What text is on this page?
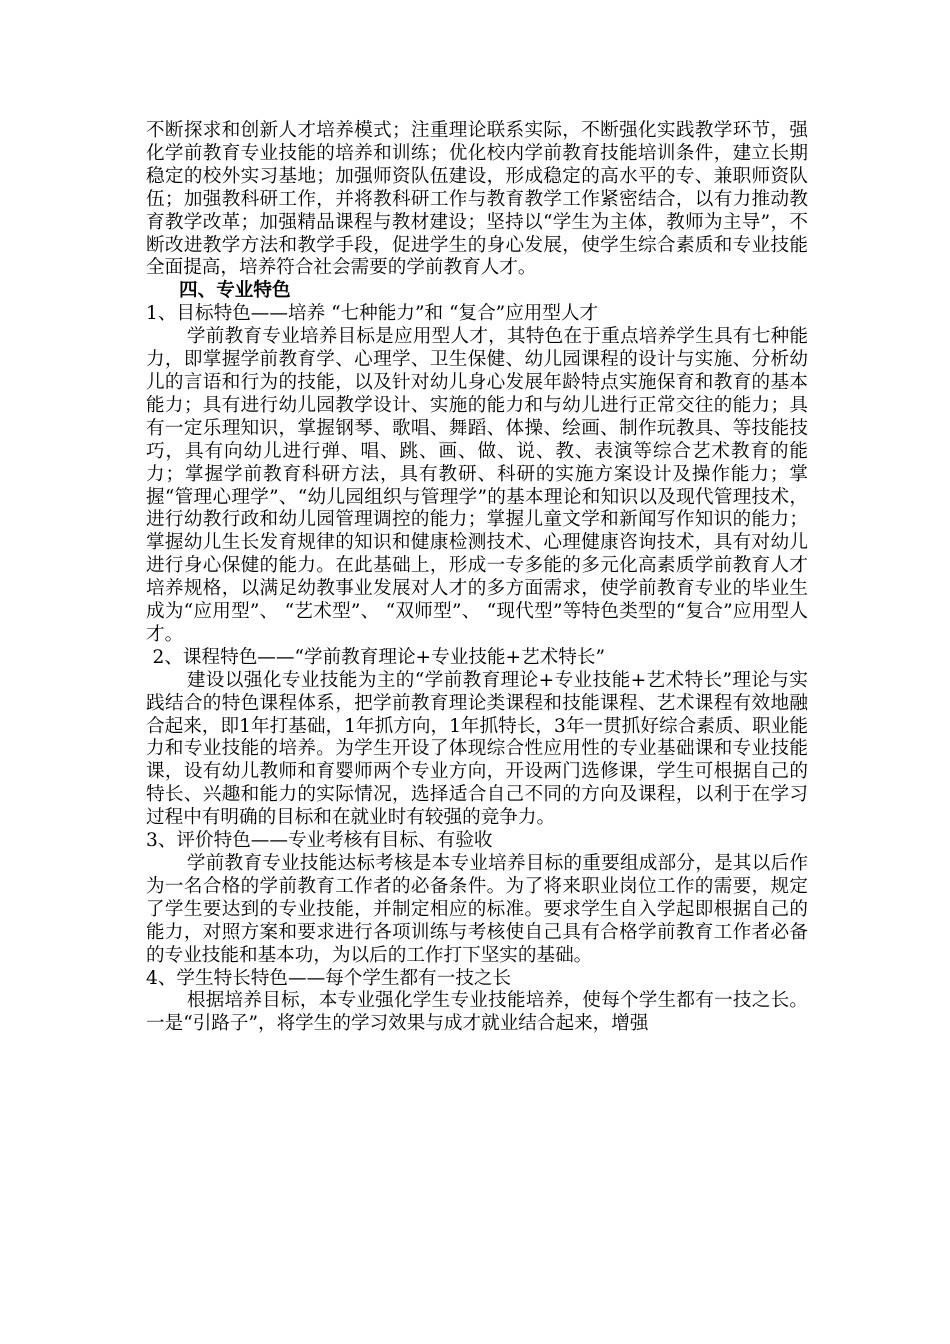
不断探求和创新人才培养模式；注重理论联系实际，不断强化实践教学环节，强化学前教育专业技能的培养和训练；优化校内学前教育技能培训条件，建立长期稳定的校外实习基地；加强师资队伍建设，形成稳定的高水平的专、兼职师资队伍；加强教科研工作，并将教科研工作与教育教学工作紧密结合，以有力推动教育教学改革；加强精品课程与教材建设；坚持以“学生为主体，教师为主导”，不断改进教学方法和教学手段，促进学生的身心发展，使学生综合素质和专业技能全面提高，培养符合社会需要的学前教育人才。

四、专业特色

1、目标特色——培养 “七种能力”和 “复合”应用型人才

学前教育专业培养目标是应用型人才，其特色在于重点培养学生具有七种能力，即掌握学前教育学、心理学、卫生保健、幼儿园课程的设计与实施、分析幼儿的言语和行为的技能，以及针对幼儿身心发展年龄特点实施保育和教育的基本能力；具有进行幼儿园教学设计、实施的能力和与幼儿进行正常交往的能力；具有一定乐理知识，掌握钢琴、歌唱、舞蹈、体操、绘画、制作玩教具、等技能技巧，具有向幼儿进行弹、唱、跳、画、做、说、教、表演等综合艺术教育的能力；掌握学前教育科研方法，具有教研、科研的实施方案设计及操作能力；掌握“管理心理学”、“幼儿园组织与管理学”的基本理论和知识以及现代管理技术，进行幼教行政和幼儿园管理调控的能力；掌握儿童文学和新闻写作知识的能力；掌握幼儿生长发育规律的知识和健康检测技术、心理健康咨询技术，具有对幼儿进行身心保健的能力。在此基础上，形成一专多能的多元化高素质学前教育人才培养规格，以满足幼教事业发展对人才的多方面需求，使学前教育专业的毕业生成为“应用型”、 “艺术型”、 “双师型”、 “现代型”等特色类型的“复合”应用型人才。

2、课程特色——“学前教育理论+专业技能+艺术特长”

建设以强化专业技能为主的“学前教育理论+专业技能+艺术特长”理论与实践结合的特色课程体系，把学前教育理论类课程和技能课程、艺术课程有效地融合起来，即1年打基础，1年抓方向，1年抓特长，3年一贯抓好综合素质、职业能力和专业技能的培养。为学生开设了体现综合性应用性的专业基础课和专业技能课，设有幼儿教师和育婴师两个专业方向，开设两门选修课，学生可根据自己的特长、兴趣和能力的实际情况，选择适合自己不同的方向及课程，以利于在学习过程中有明确的目标和在就业时有较强的竞争力。

3、评价特色——专业考核有目标、有验收

学前教育专业技能达标考核是本专业培养目标的重要组成部分，是其以后作为一名合格的学前教育工作者的必备条件。为了将来职业岗位工作的需要，规定了学生要达到的专业技能，并制定相应的标准。要求学生自入学起即根据自己的能力，对照方案和要求进行各项训练与考核使自己具有合格学前教育工作者必备的专业技能和基本功，为以后的工作打下坚实的基础。

4、学生特长特色——每个学生都有一技之长

根据培养目标，本专业强化学生专业技能培养，使每个学生都有一技之长。一是“引路子”，将学生的学习效果与成才就业结合起来，增强
